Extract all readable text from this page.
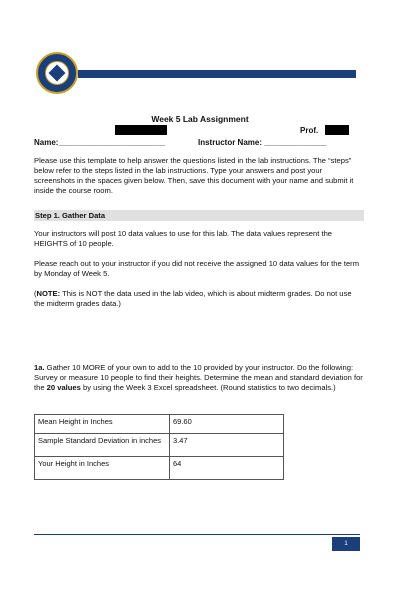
Week 5 Lab Assignment
Prof.
Name:________________________	Instructor Name: ______________
Please use this template to help answer the questions listed in the lab instructions. The “steps” below refer to the steps listed in the lab instructions. Type your answers and post your screenshots in the spaces given below. Then, save this document with your name and submit it inside the course room.
Step 1. Gather Data
Your instructors will post 10 data values to use for this lab. The data values represent the HEIGHTS of 10 people.
Please reach out to your instructor if you did not receive the assigned 10 data values for the term by Monday of Week 5.
(NOTE: This is NOT the data used in the lab video, which is about midterm grades. Do not use the midterm grades data.)
1a. Gather 10 MORE of your own to add to the 10 provided by your instructor. Do the following: Survey or measure 10 people to find their heights. Determine the mean and standard deviation for the 20 values by using the Week 3 Excel spreadsheet. (Round statistics to two decimals.)
Mean Height in Inches	69.60
Sample Standard Deviation in inches	3.47
Your Height in Inches	64
1
